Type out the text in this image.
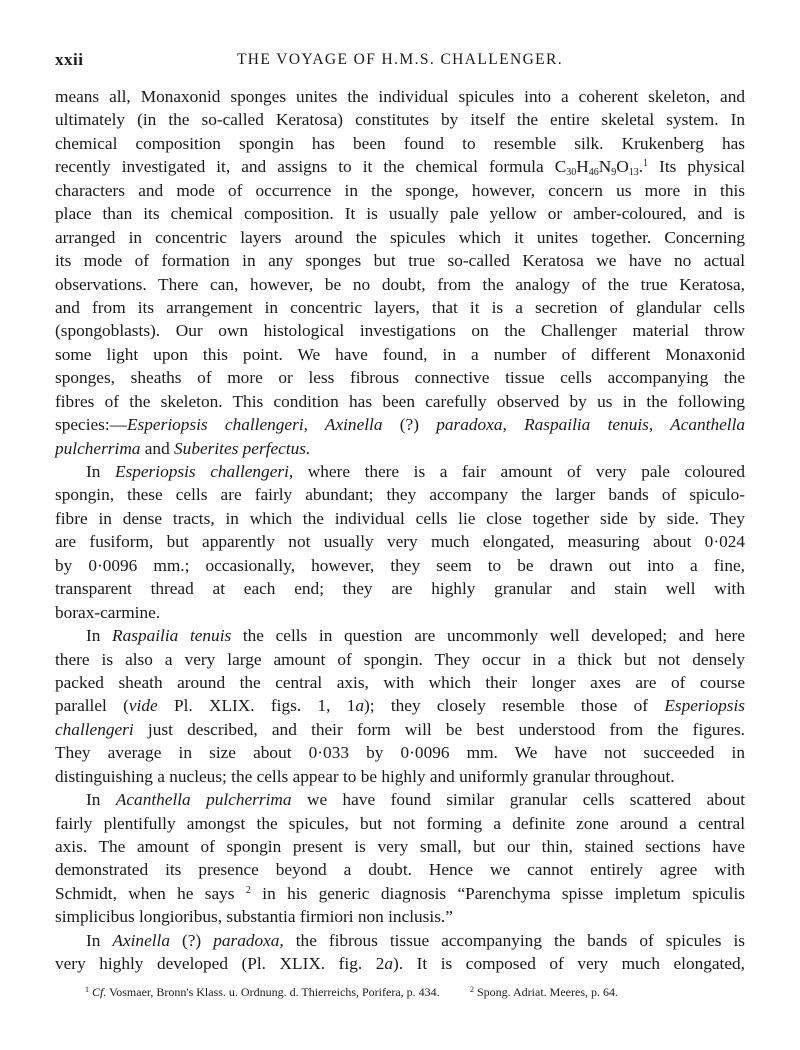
xxii	THE VOYAGE OF H.M.S. CHALLENGER.
means all, Monaxonid sponges unites the individual spicules into a coherent skeleton, and
ultimately (in the so-called Keratosa) constitutes by itself the entire skeletal system. In
chemical composition spongin has been found to resemble silk. Krukenberg has
recently investigated it, and assigns to it the chemical formula $C_{30}H_{46}N_9O_{13}.^1$ Its physical
characters and mode of occurrence in the sponge, however, concern us more in this
place than its chemical composition. It is usually pale yellow or amber-coloured, and is
arranged in concentric layers around the spicules which it unites together. Concerning
its mode of formation in any sponges but true so-called Keratosa we have no actual
observations. There can, however, be no doubt, from the analogy of the true Keratosa,
and from its arrangement in concentric layers, that it is a secretion of glandular cells
(spongoblasts). Our own histological investigations on the Challenger material throw
some light upon this point. We have found, in a number of different Monaxonid
sponges, sheaths of more or less fibrous connective tissue cells accompanying the
fibres of the skeleton. This condition has been carefully observed by us in the following
species:—Esperiopsis challengeri, Axinella (?) paradoxa, Raspailia tenuis, Acanthella
pulcherrima and Suberites perfectus.
In Esperiopsis challengeri, where there is a fair amount of very pale coloured
spongin, these cells are fairly abundant; they accompany the larger bands of spiculo-
fibre in dense tracts, in which the individual cells lie close together side by side. They
are fusiform, but apparently not usually very much elongated, measuring about 0·024
by 0·0096 mm.; occasionally, however, they seem to be drawn out into a fine,
transparent thread at each end; they are highly granular and stain well with
borax-carmine.
In Raspailia tenuis the cells in question are uncommonly well developed; and here
there is also a very large amount of spongin. They occur in a thick but not densely
packed sheath around the central axis, with which their longer axes are of course
parallel (vide Pl. XLIX. figs. 1, 1a); they closely resemble those of Esperiopsis
challengeri just described, and their form will be best understood from the figures.
They average in size about 0·033 by 0·0096 mm. We have not succeeded in
distinguishing a nucleus; the cells appear to be highly and uniformly granular throughout.
In Acanthella pulcherrima we have found similar granular cells scattered about
fairly plentifully amongst the spicules, but not forming a definite zone around a central
axis. The amount of spongin present is very small, but our thin, stained sections have
demonstrated its presence beyond a doubt. Hence we cannot entirely agree with
Schmidt, when he says $^2$ in his generic diagnosis “Parenchyma spisse impletum spiculis
simplicibus longioribus, substantia firmiori non inclusis.”
In Axinella (?) paradoxa, the fibrous tissue accompanying the bands of spicules is
very highly developed (Pl. XLIX. fig. 2a). It is composed of very much elongated,
$^1$ Cf. Vosmaer, Bronn's Klass. u. Ordnung. d. Thierreichs, Porifera, p. 434.	$^2$ Spong. Adriat. Meeres, p. 64.
